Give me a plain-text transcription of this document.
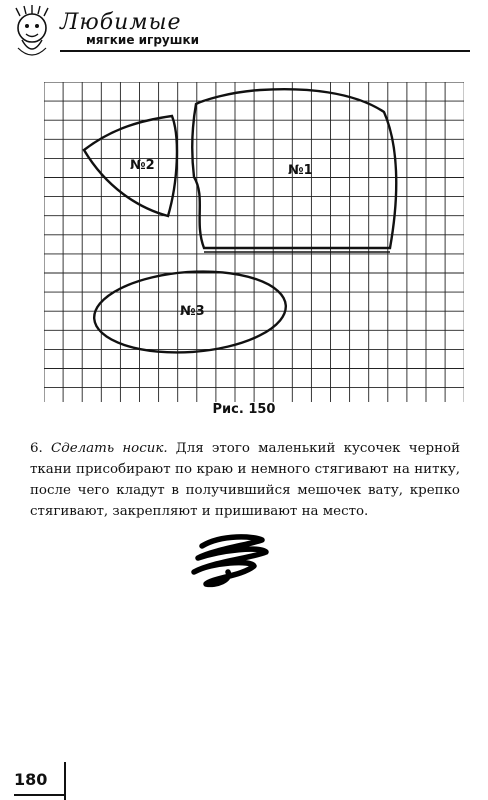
Любимые
мягкие игрушки
№2	№1
№3
Рис. 150

6. Сделать носик. Для этого маленький кусочек черной ткани присобирают по краю и немного стягивают на нитку, после чего кладут в получившийся мешочек вату, крепко стягивают, закрепляют и пришивают на место.

180
